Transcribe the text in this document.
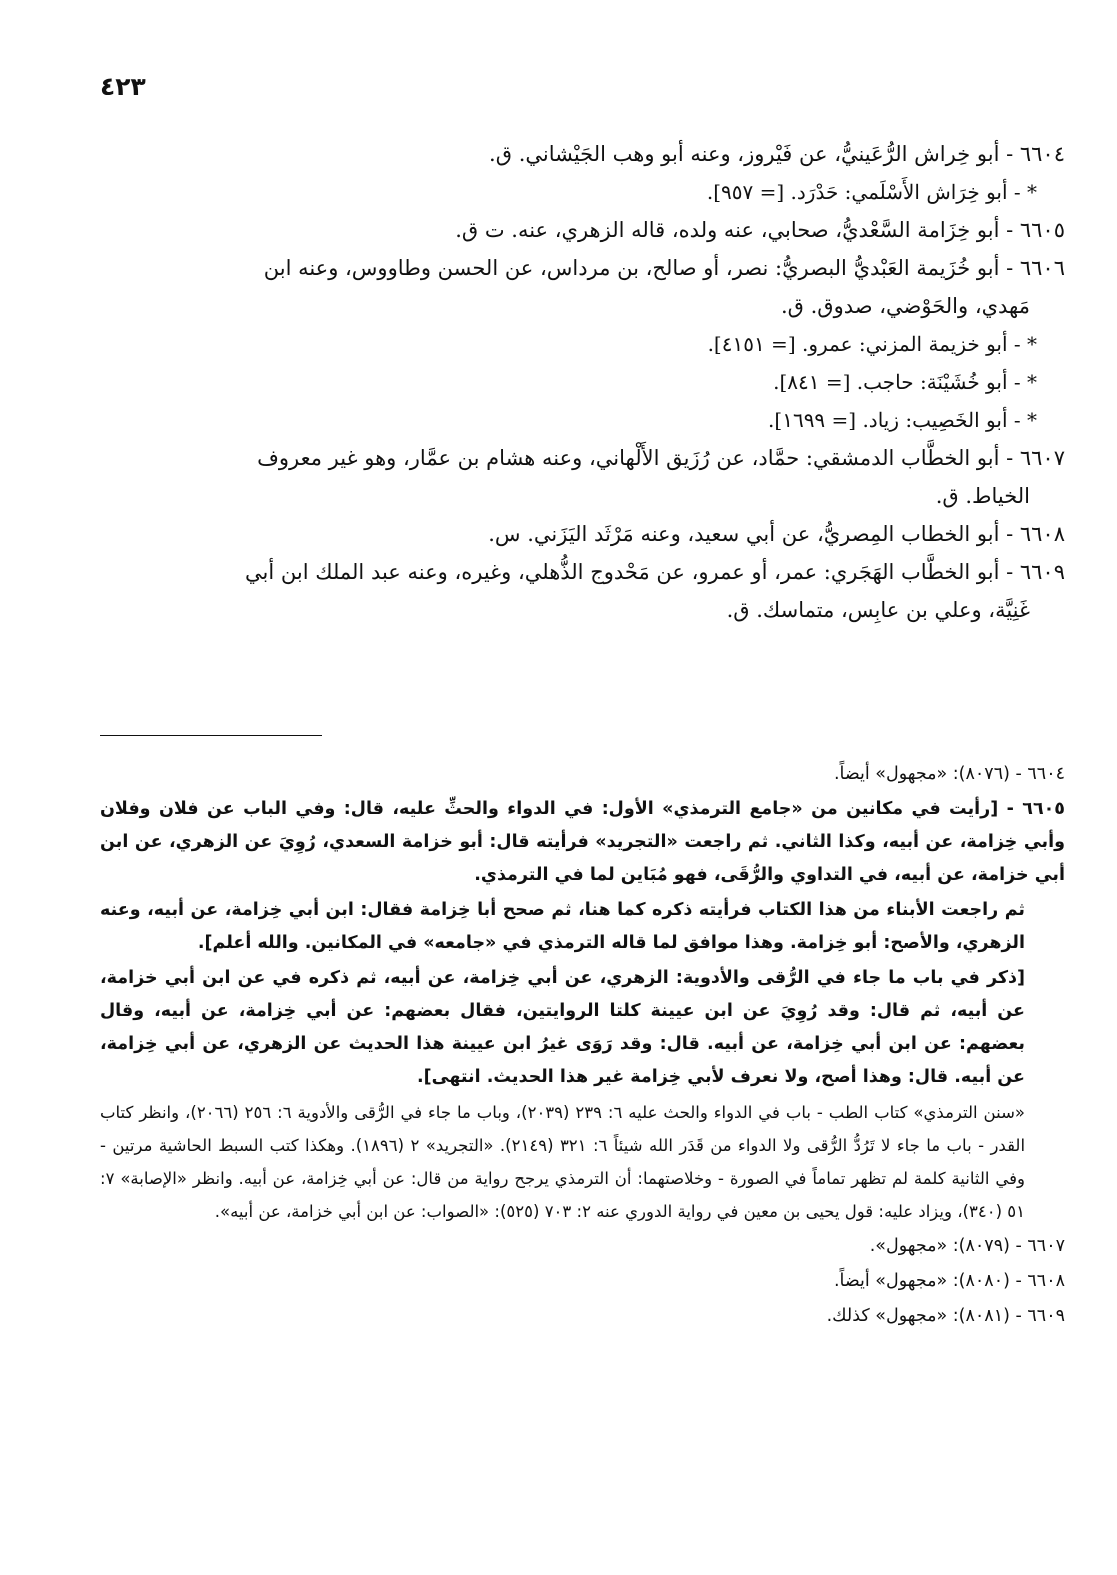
٤٢٣

٦٦٠٤ - أبو خِراش الرُّعَينيُّ، عن فَيْروز، وعنه أبو وهب الجَيْشاني. ق.

* - أبو خِرَاش الأَسْلَمي: حَدْرَد. [= ٩٥٧].

٦٦٠٥ - أبو خِزَامة السَّعْديُّ، صحابي، عنه ولده، قاله الزهري، عنه. ت ق.

٦٦٠٦ - أبو خُزَيمة العَبْديُّ البصريُّ: نصر، أو صالح، بن مرداس، عن الحسن وطاووس، وعنه ابن
مَهدي، والحَوْضي، صدوق. ق.

* - أبو خزيمة المزني: عمرو. [= ٤١٥١].

* - أبو خُشَيْنَة: حاجب. [= ٨٤١].

* - أبو الخَصِيب: زياد. [= ١٦٩٩].

٦٦٠٧ - أبو الخطَّاب الدمشقي: حمَّاد، عن رُزَيق الأَلْهاني، وعنه هشام بن عمَّار، وهو غير معروف
الخياط. ق.

٦٦٠٨ - أبو الخطاب المِصريُّ، عن أبي سعيد، وعنه مَرْثَد اليَزَني. س.

٦٦٠٩ - أبو الخطَّاب الهَجَري: عمر، أو عمرو، عن مَحْدوج الذُّهلي، وغيره، وعنه عبد الملك ابن أبي
غَنِيَّة، وعلي بن عابِس، متماسك. ق.

٦٦٠٤ - (٨٠٧٦): «مجهول» أيضاً.

٦٦٠٥ - [رأيت في مكانين من «جامع الترمذي» الأول: في الدواء والحثِّ عليه، قال: وفي الباب عن فلان وفلان وأبي خِزامة، عن أبيه، وكذا الثاني. ثم راجعت «التجريد» فرأيته قال: أبو خزامة السعدي، رُوِيَ عن الزهري، عن ابن أبي خزامة، عن أبيه، في التداوي والرُّقَى، فهو مُبَاين لما في الترمذي.

ثم راجعت الأبناء من هذا الكتاب فرأيته ذكره كما هنا، ثم صحح أبا خِزامة فقال: ابن أبي خِزامة، عن أبيه، وعنه الزهري، والأصح: أبو خِزامة. وهذا موافق لما قاله الترمذي في «جامعه» في المكانين. والله أعلم].

[ذكر في باب ما جاء في الرُّقى والأدوية: الزهري، عن أبي خِزامة، عن أبيه، ثم ذكره في عن ابن أبي خزامة، عن أبيه، ثم قال: وقد رُوِيَ عن ابن عيينة كلتا الروايتين، فقال بعضهم: عن أبي خِزامة، عن أبيه، وقال بعضهم: عن ابن أبي خِزامة، عن أبيه. قال: وقد رَوَى غيرُ ابن عيينة هذا الحديث عن الزهري، عن أبي خِزامة، عن أبيه. قال: وهذا أصح، ولا نعرف لأبي خِزامة غير هذا الحديث. انتهى].

«سنن الترمذي» كتاب الطب - باب في الدواء والحث عليه ٦: ٢٣٩ (٢٠٣٩)، وباب ما جاء في الرُّقى والأدوية ٦: ٢٥٦ (٢٠٦٦)، وانظر كتاب القدر - باب ما جاء لا تَرُدُّ الرُّقى ولا الدواء من قَدَر الله شيئاً ٦: ٣٢١ (٢١٤٩). «التجريد» ٢ (١٨٩٦). وهكذا كتب السبط الحاشية مرتين - وفي الثانية كلمة لم تظهر تماماً في الصورة - وخلاصتهما: أن الترمذي يرجح رواية من قال: عن أبي خِزامة، عن أبيه. وانظر «الإصابة» ٧: ٥١ (٣٤٠)، ويزاد عليه: قول يحيى بن معين في رواية الدوري عنه ٢: ٧٠٣ (٥٢٥): «الصواب: عن ابن أبي خزامة، عن أبيه».

٦٦٠٧ - (٨٠٧٩): «مجهول».

٦٦٠٨ - (٨٠٨٠): «مجهول» أيضاً.

٦٦٠٩ - (٨٠٨١): «مجهول» كذلك.
